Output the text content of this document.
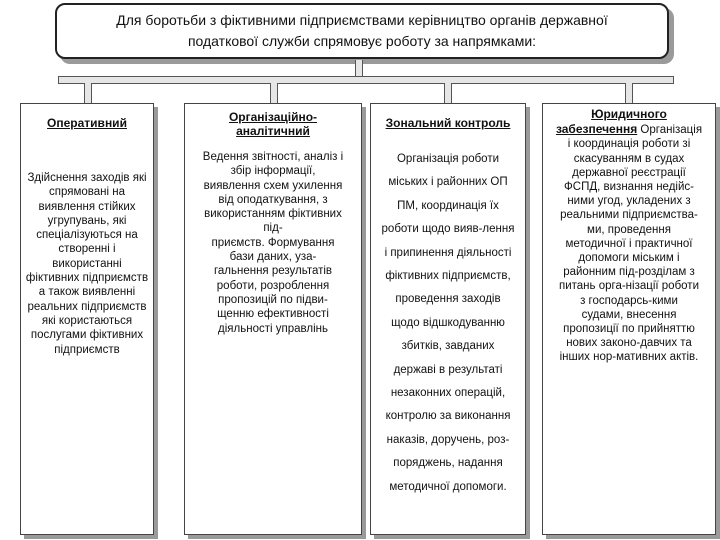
Для боротьби з фіктивними підприємствами керівництво органів державної
податкової служби спрямовує роботу за напрямками:
Оперативний
Здійснення заходів які
спрямовані на
виявлення стійких
угрупувань, які
спеціалізуються на
створенні і
використанні
фіктивних підприємств
а також виявленні
реальних підприємств
які користаються
послугами фіктивних
підприємств
Організаційно-
аналітичний
Ведення звітності, аналіз і
збір інформації,
виявлення схем ухилення
від оподаткування, з
використанням фіктивних
під-
приємств. Формування
бази даних, уза-
гальнення результатів
роботи, розроблення
пропозицій по підви-
щенню ефективності
діяльності управлінь
Зональний контроль
Організація роботи
міських і районних ОП
ПМ, координація їх
роботи щодо вияв-лення
і припинення діяльності
фіктивних підприємств,
проведення заходів
щодо відшкодуванню
збитків, завданих
державі в результаті
незаконних операцій,
контролю за виконання
наказів, доручень, роз-
поряджень, надання
методичної допомоги.
Юридичного
забезпечення Організація
і координація роботи зі
скасуванням в судах
державної реєстрації
ФСПД, визнання недійс-
ними угод, укладених з
реальними підприємства-
ми, проведення
методичної і практичної
допомоги міським і
районним під-розділам з
питань орга-нізації роботи
з господарсь-кими
судами, внесення
пропозиції по прийняттю
нових законо-давчих та
інших нор-мативних актів.
